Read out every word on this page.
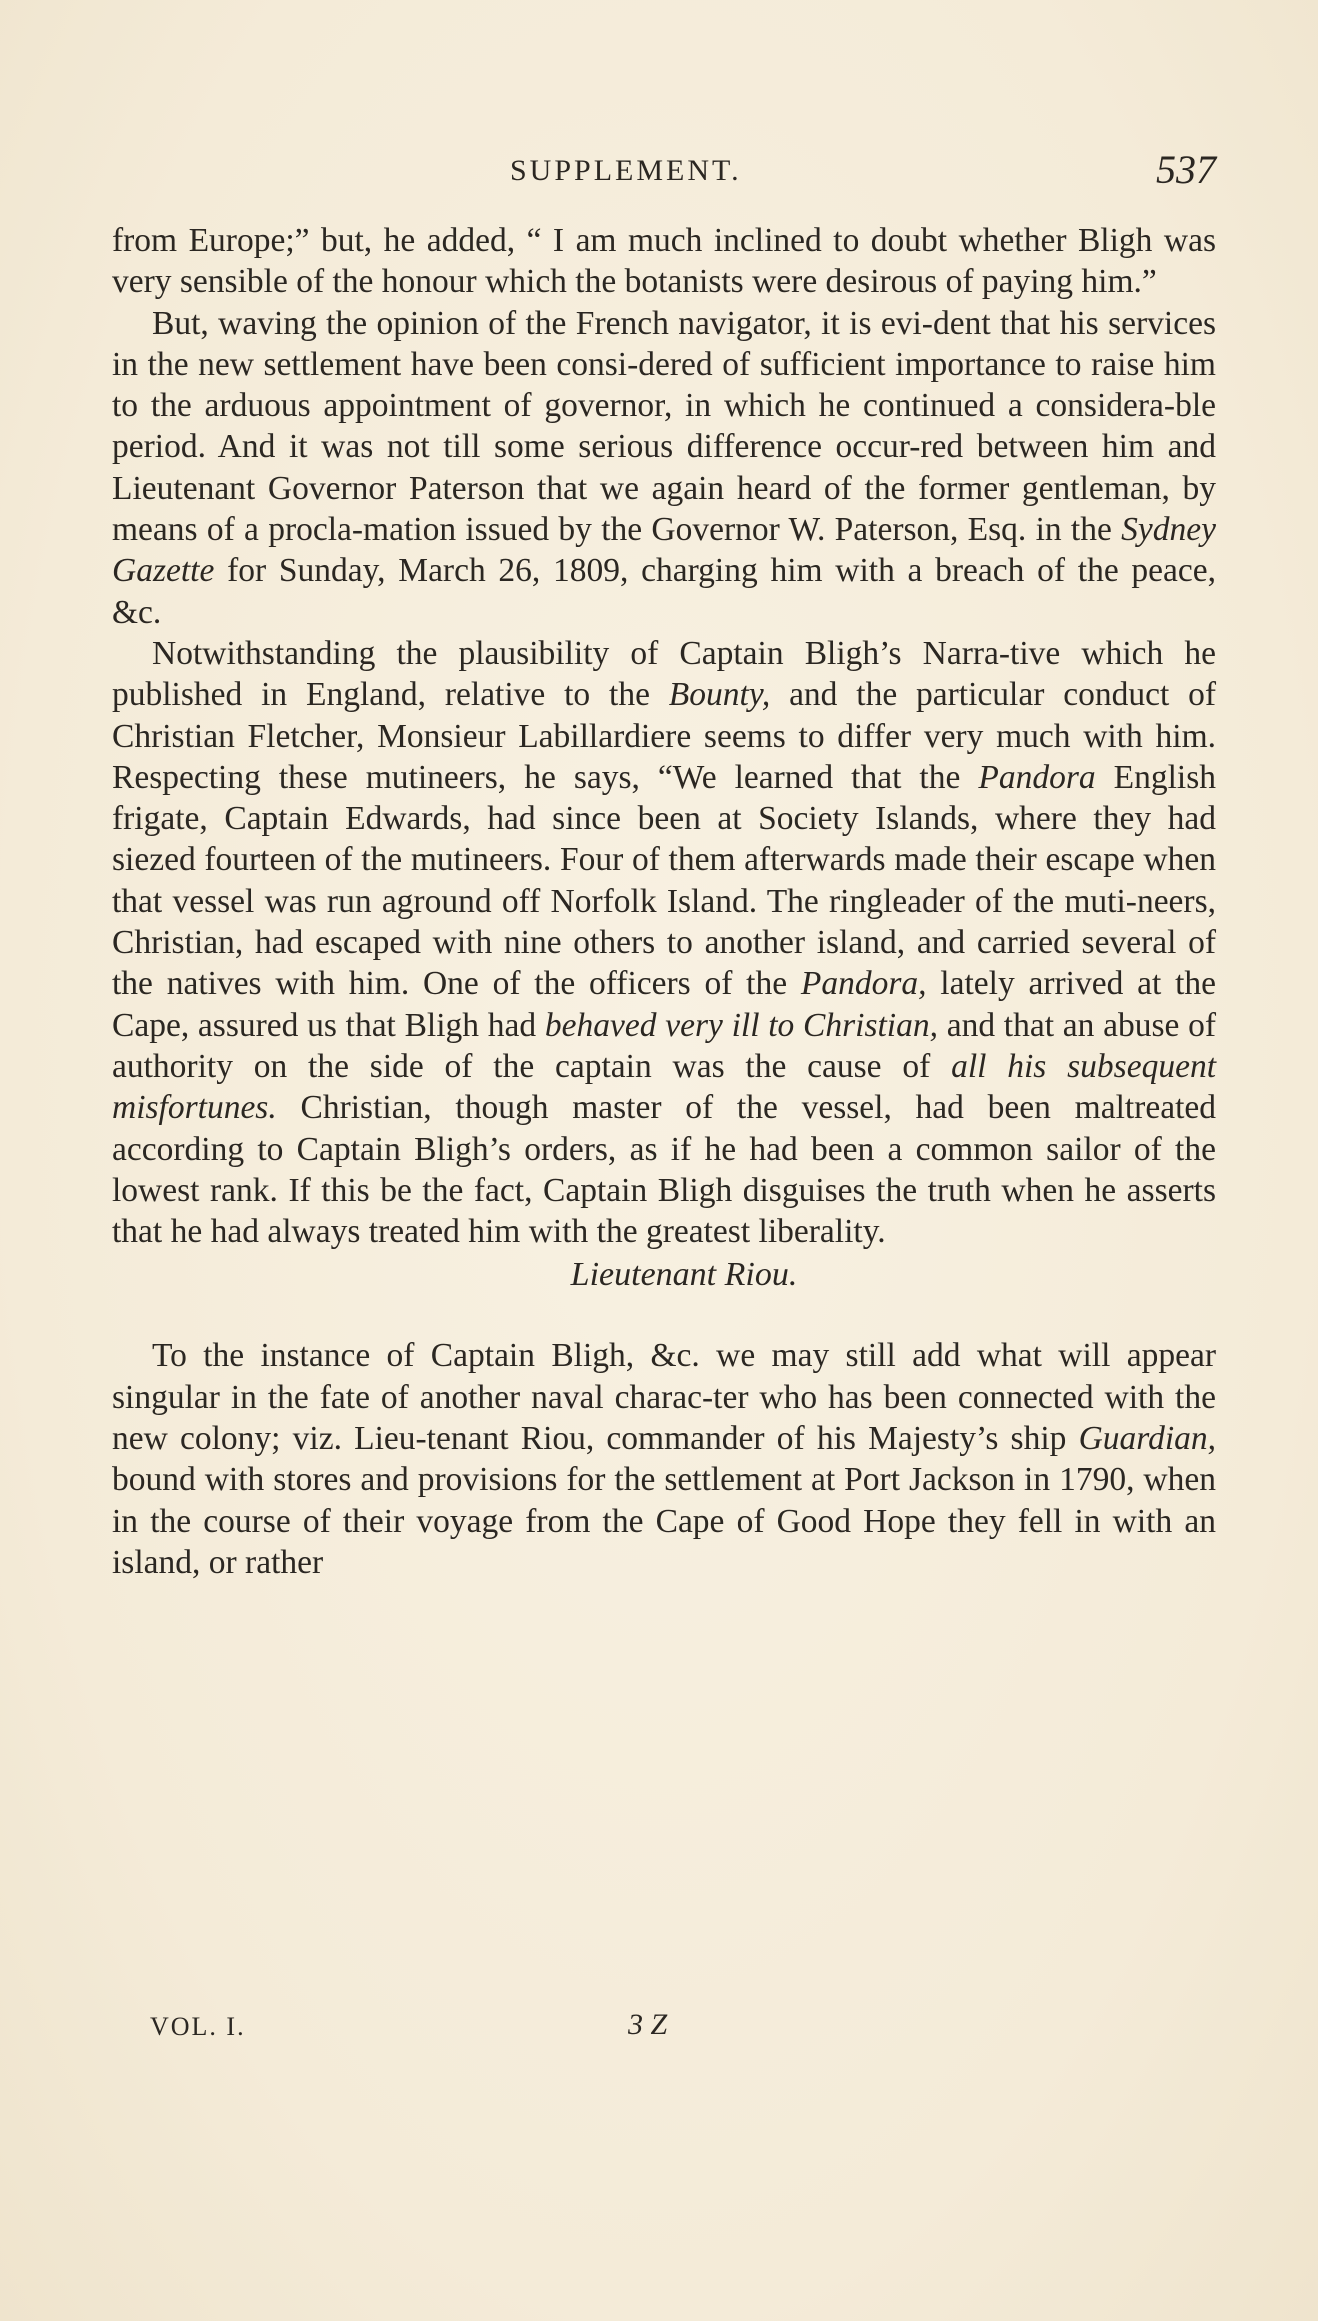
SUPPLEMENT.	537

from Europe;” but, he added, “ I am much inclined to doubt whether Bligh was very sensible of the honour which the botanists were desirous of paying him.”

But, waving the opinion of the French navigator, it is evi-dent that his services in the new settlement have been consi-dered of sufficient importance to raise him to the arduous appointment of governor, in which he continued a considera-ble period. And it was not till some serious difference occur-red between him and Lieutenant Governor Paterson that we again heard of the former gentleman, by means of a procla-mation issued by the Governor W. Paterson, Esq. in the Sydney Gazette for Sunday, March 26, 1809, charging him with a breach of the peace, &c.

Notwithstanding the plausibility of Captain Bligh’s Narra-tive which he published in England, relative to the Bounty, and the particular conduct of Christian Fletcher, Monsieur Labillardiere seems to differ very much with him. Respecting these mutineers, he says, “We learned that the Pandora English frigate, Captain Edwards, had since been at Society Islands, where they had siezed fourteen of the mutineers. Four of them afterwards made their escape when that vessel was run aground off Norfolk Island. The ringleader of the muti-neers, Christian, had escaped with nine others to another island, and carried several of the natives with him. One of the officers of the Pandora, lately arrived at the Cape, assured us that Bligh had behaved very ill to Christian, and that an abuse of authority on the side of the captain was the cause of all his subsequent misfortunes. Christian, though master of the vessel, had been maltreated according to Captain Bligh’s orders, as if he had been a common sailor of the lowest rank. If this be the fact, Captain Bligh disguises the truth when he asserts that he had always treated him with the greatest liberality.

Lieutenant Riou.

To the instance of Captain Bligh, &c. we may still add what will appear singular in the fate of another naval charac-ter who has been connected with the new colony; viz. Lieu-tenant Riou, commander of his Majesty’s ship Guardian, bound with stores and provisions for the settlement at Port Jackson in 1790, when in the course of their voyage from the Cape of Good Hope they fell in with an island, or rather

VOL. I.	3 Z
